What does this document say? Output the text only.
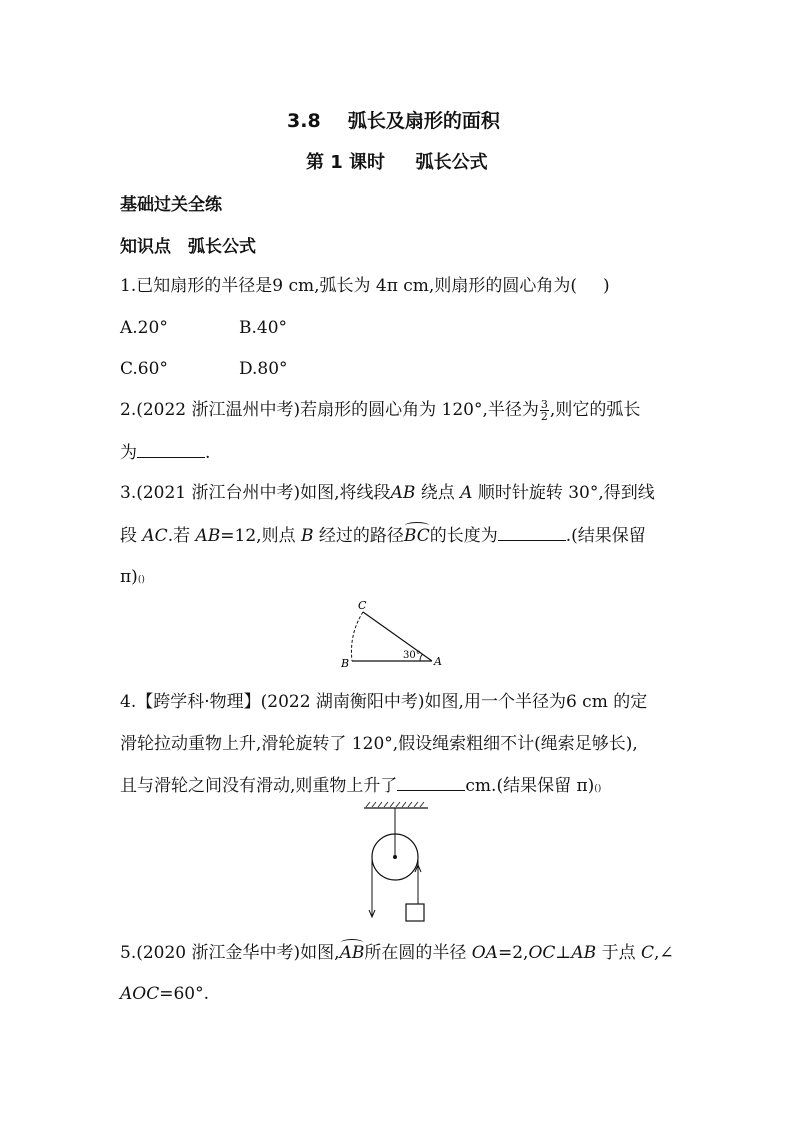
3.8 弧长及扇形的面积
第 1 课时 弧长公式
基础过关全练
知识点　弧长公式
1.已知扇形的半径是9 cm,弧长为 4π cm,则扇形的圆心角为( )
A.20°	B.40°
C.60°	D.80°
2.(2022 浙江温州中考)若扇形的圆心角为 120°,半径为 $\frac{3}{2}$ ,则它的弧长
为	.
3.(2021 浙江台州中考)如图,将线段AB 绕点 A 顺时针旋转 30°,得到线
段 AC.若 AB=12,则点 B 经过的路径BC的长度为	.(结果保留
π)()
C
B	A
30°
4.【跨学科·物理】(2022 湖南衡阳中考)如图,用一个半径为6 cm 的定
滑轮拉动重物上升,滑轮旋转了 120°,假设绳索粗细不计(绳索足够长),
且与滑轮之间没有滑动,则重物上升了	cm.(结果保留 π)()
5.(2020 浙江金华中考)如图,AB所在圆的半径 OA=2,OC⊥AB 于点 C,∠
AOC=60°.
